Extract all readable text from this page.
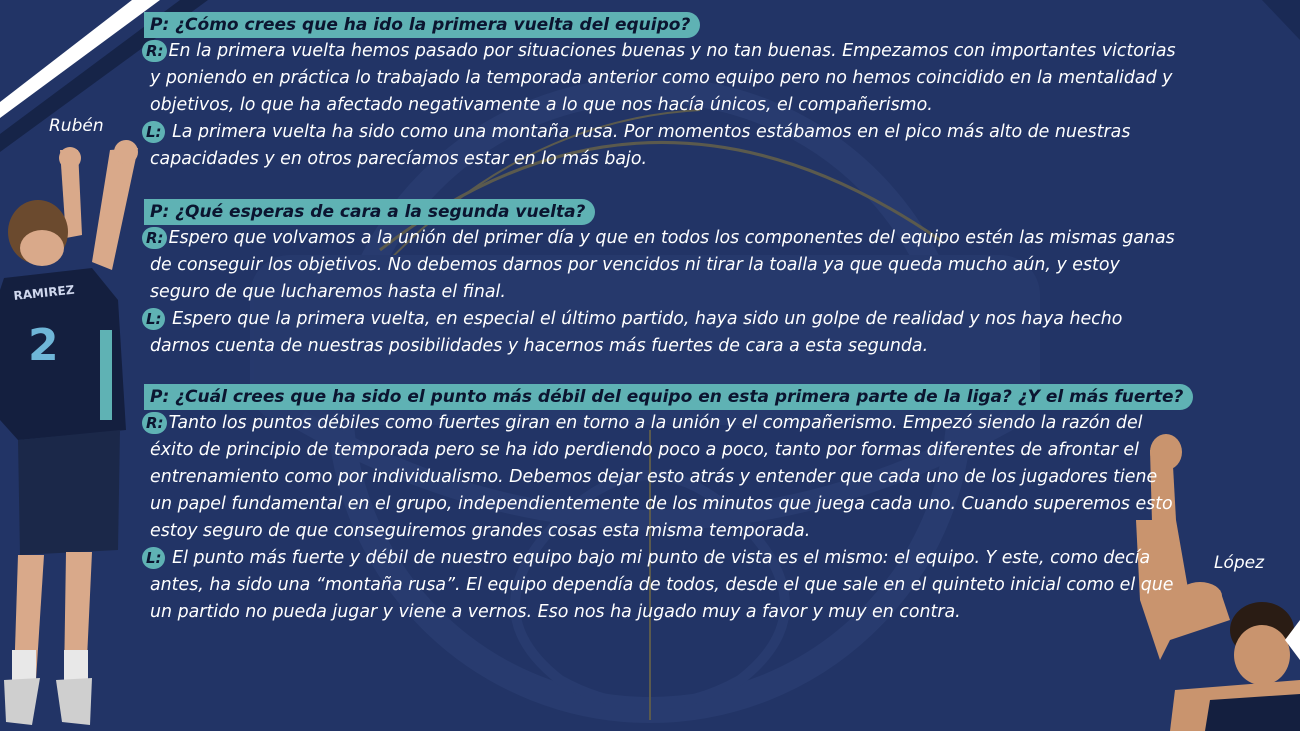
RAMIREZ
2
Rubén
López
P: ¿Cómo crees que ha ido la primera vuelta del equipo?

R: En la primera vuelta hemos pasado por situaciones buenas y no tan buenas. Empezamos con importantes victorias y poniendo en práctica lo trabajado la temporada anterior como equipo pero no hemos coincidido en la mentalidad y objetivos, lo que ha afectado negativamente a lo que nos hacía únicos, el compañerismo.

L: La primera vuelta ha sido como una montaña rusa. Por momentos estábamos en el pico más alto de nuestras capacidades y en otros parecíamos estar en lo más bajo.

P: ¿Qué esperas de cara a la segunda vuelta?

R: Espero que volvamos a la unión del primer día y que en todos los componentes del equipo estén las mismas ganas de conseguir los objetivos. No debemos darnos por vencidos ni tirar la toalla ya que queda mucho aún, y estoy seguro de que lucharemos hasta el final.

L: Espero que la primera vuelta, en especial el último partido, haya sido un golpe de realidad y nos haya hecho darnos cuenta de nuestras posibilidades y hacernos más fuertes de cara a esta segunda.

P: ¿Cuál crees que ha sido el punto más débil del equipo en esta primera parte de la liga? ¿Y el más fuerte?

R: Tanto los puntos débiles como fuertes giran en torno a la unión y el compañerismo. Empezó siendo la razón del éxito de principio de temporada pero se ha ido perdiendo poco a poco, tanto por formas diferentes de afrontar el entrenamiento como por individualismo. Debemos dejar esto atrás y entender que cada uno de los jugadores tiene un papel fundamental en el grupo, independientemente de los minutos que juega cada uno. Cuando superemos esto estoy seguro de que conseguiremos grandes cosas esta misma temporada.

L: El punto más fuerte y débil de nuestro equipo bajo mi punto de vista es el mismo: el equipo. Y este, como decía antes, ha sido una “montaña rusa”. El equipo dependía de todos, desde el que sale en el quinteto inicial como el que un partido no pueda jugar y viene a vernos. Eso nos ha jugado muy a favor y muy en contra.
